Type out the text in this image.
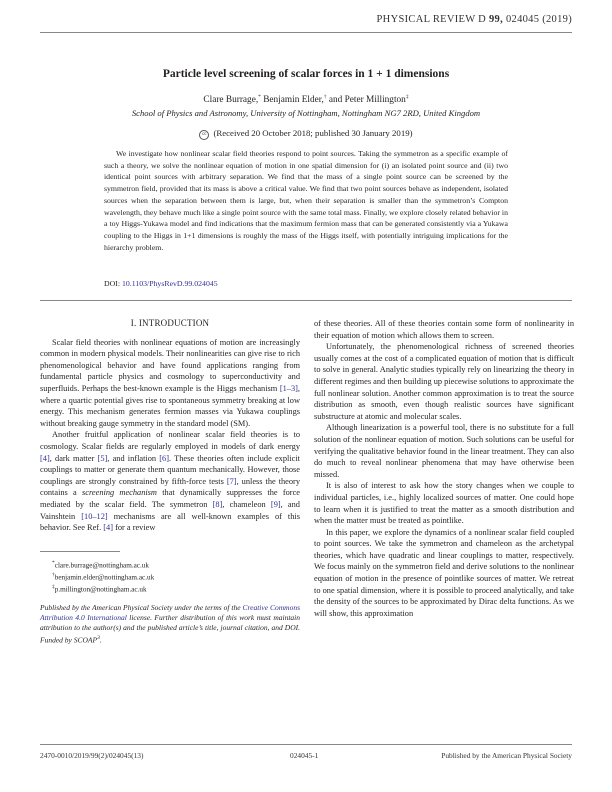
PHYSICAL REVIEW D 99, 024045 (2019)
Particle level screening of scalar forces in 1 + 1 dimensions
Clare Burrage,* Benjamin Elder,† and Peter Millington‡
School of Physics and Astronomy, University of Nottingham, Nottingham NG7 2RD, United Kingdom
cc (Received 20 October 2018; published 30 January 2019)

We investigate how nonlinear scalar field theories respond to point sources. Taking the symmetron as a specific example of such a theory, we solve the nonlinear equation of motion in one spatial dimension for (i) an isolated point source and (ii) two identical point sources with arbitrary separation. We find that the mass of a single point source can be screened by the symmetron field, provided that its mass is above a critical value. We find that two point sources behave as independent, isolated sources when the separation between them is large, but, when their separation is smaller than the symmetron’s Compton wavelength, they behave much like a single point source with the same total mass. Finally, we explore closely related behavior in a toy Higgs-Yukawa model and find indications that the maximum fermion mass that can be generated consistently via a Yukawa coupling to the Higgs in 1+1 dimensions is roughly the mass of the Higgs itself, with potentially intriguing implications for the hierarchy problem.

DOI: 10.1103/PhysRevD.99.024045
I. INTRODUCTION

Scalar field theories with nonlinear equations of motion are increasingly common in modern physical models. Their nonlinearities can give rise to rich phenomenological behavior and have found applications ranging from fundamental particle physics and cosmology to superconductivity and superfluids. Perhaps the best-known example is the Higgs mechanism [1–3], where a quartic potential gives rise to spontaneous symmetry breaking at low energy. This mechanism generates fermion masses via Yukawa couplings without breaking gauge symmetry in the standard model (SM).

Another fruitful application of nonlinear scalar field theories is to cosmology. Scalar fields are regularly employed in models of dark energy [4], dark matter [5], and inflation [6]. These theories often include explicit couplings to matter or generate them quantum mechanically. However, those couplings are strongly constrained by fifth-force tests [7], unless the theory contains a screening mechanism that dynamically suppresses the force mediated by the scalar field. The symmetron [8], chameleon [9], and Vainshtein [10–12] mechanisms are all well-known examples of this behavior. See Ref. [4] for a review

*clare.burrage@nottingham.ac.uk
†benjamin.elder@nottingham.ac.uk
‡p.millington@nottingham.ac.uk
Published by the American Physical Society under the terms of the Creative Commons Attribution 4.0 International license. Further distribution of this work must maintain attribution to the author(s) and the published article’s title, journal citation, and DOI. Funded by SCOAP$^3$.

of these theories. All of these theories contain some form of nonlinearity in their equation of motion which allows them to screen.

Unfortunately, the phenomenological richness of screened theories usually comes at the cost of a complicated equation of motion that is difficult to solve in general. Analytic studies typically rely on linearizing the theory in different regimes and then building up piecewise solutions to approximate the full nonlinear solution. Another common approximation is to treat the source distribution as smooth, even though realistic sources have significant substructure at atomic and molecular scales.

Although linearization is a powerful tool, there is no substitute for a full solution of the nonlinear equation of motion. Such solutions can be useful for verifying the qualitative behavior found in the linear treatment. They can also do much to reveal nonlinear phenomena that may have otherwise been missed.

It is also of interest to ask how the story changes when we couple to individual particles, i.e., highly localized sources of matter. One could hope to learn when it is justified to treat the matter as a smooth distribution and when the matter must be treated as pointlike.

In this paper, we explore the dynamics of a nonlinear scalar field coupled to point sources. We take the symmetron and chameleon as the archetypal theories, which have quadratic and linear couplings to matter, respectively. We focus mainly on the symmetron field and derive solutions to the nonlinear equation of motion in the presence of pointlike sources of matter. We retreat to one spatial dimension, where it is possible to proceed analytically, and take the density of the sources to be approximated by Dirac delta functions. As we will show, this approximation

2470-0010/2019/99(2)/024045(13)	024045-1	Published by the American Physical Society
